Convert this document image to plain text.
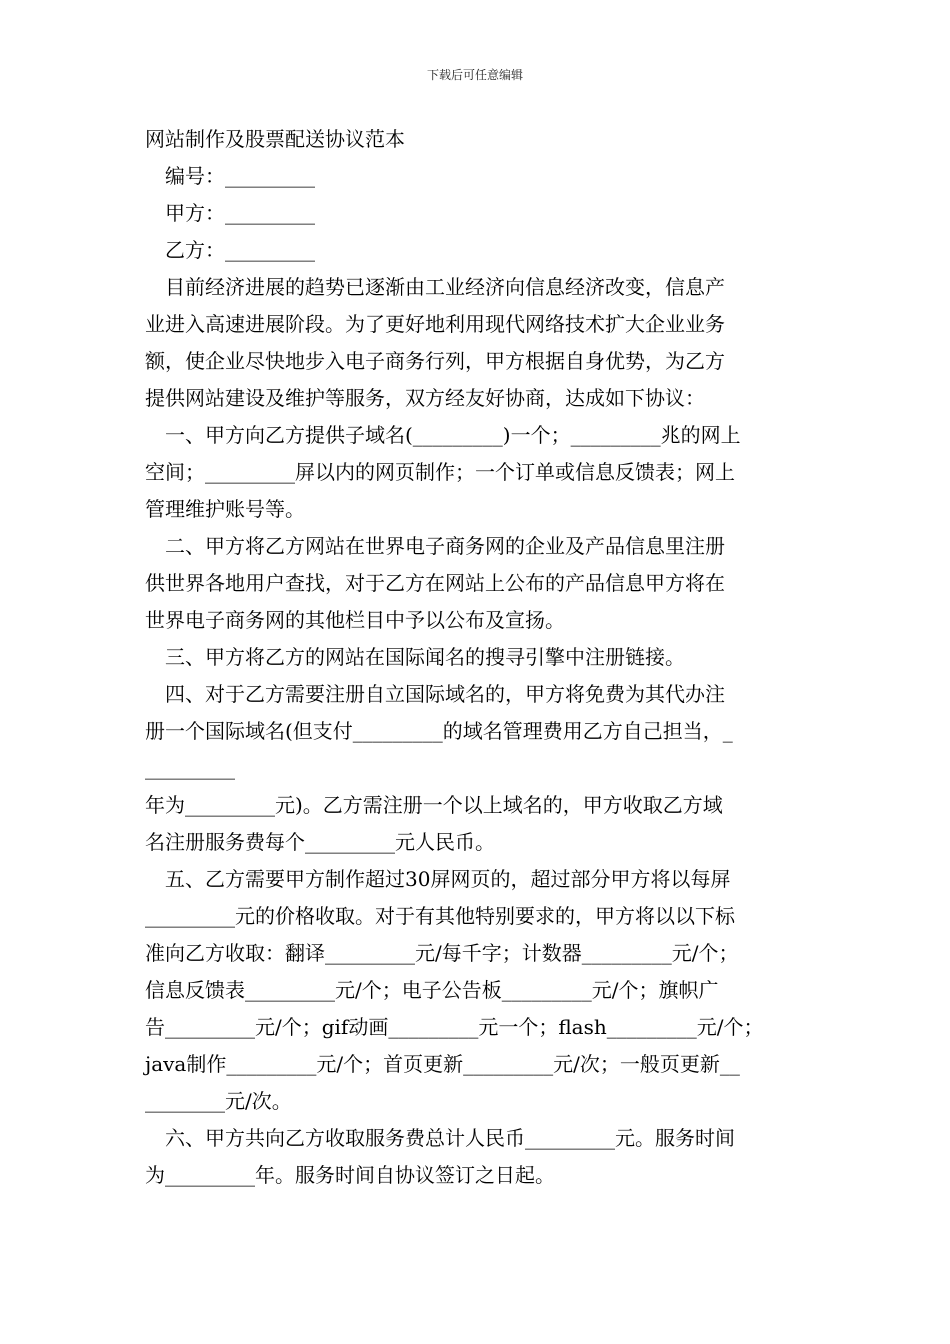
下载后可任意编辑
网站制作及股票配送协议范本
编号：_________
甲方：_________
乙方：_________
目前经济进展的趋势已逐渐由工业经济向信息经济改变，信息产
业进入高速进展阶段。为了更好地利用现代网络技术扩大企业业务
额，使企业尽快地步入电子商务行列，甲方根据自身优势，为乙方
提供网站建设及维护等服务，双方经友好协商，达成如下协议：
一、甲方向乙方提供子域名(_________)一个；_________兆的网上
空间；_________屏以内的网页制作；一个订单或信息反馈表；网上
管理维护账号等。
二、甲方将乙方网站在世界电子商务网的企业及产品信息里注册
供世界各地用户查找，对于乙方在网站上公布的产品信息甲方将在
世界电子商务网的其他栏目中予以公布及宣扬。
三、甲方将乙方的网站在国际闻名的搜寻引擎中注册链接。
四、对于乙方需要注册自立国际域名的，甲方将免费为其代办注
册一个国际域名(但支付_________的域名管理费用乙方自己担当，_
_________
年为_________元)。乙方需注册一个以上域名的，甲方收取乙方域
名注册服务费每个_________元人民币。
五、乙方需要甲方制作超过30屏网页的，超过部分甲方将以每屏
_________元的价格收取。对于有其他特别要求的，甲方将以以下标
准向乙方收取：翻译_________元/每千字；计数器_________元/个；
信息反馈表_________元/个；电子公告板_________元/个；旗帜广
告_________元/个；gif动画_________元一个；flash_________元/个；
java制作_________元/个；首页更新_________元/次；一般页更新__
________元/次。
六、甲方共向乙方收取服务费总计人民币_________元。服务时间
为_________年。服务时间自协议签订之日起。
